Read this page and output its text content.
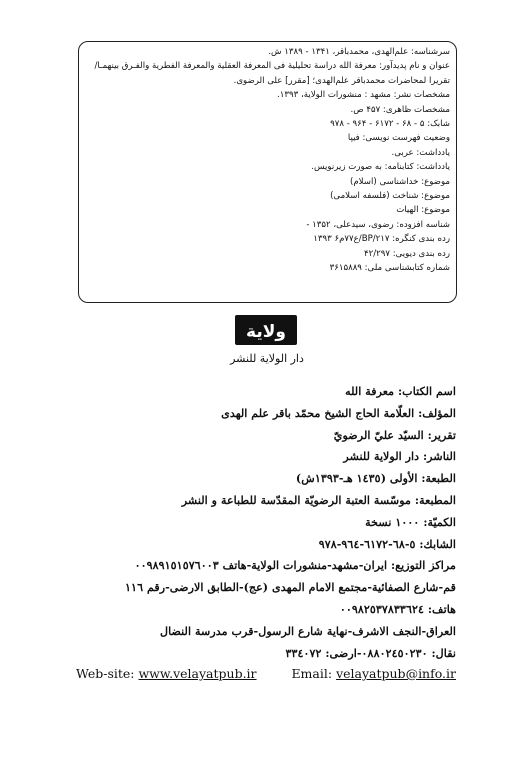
سرشناسه: علم‌الهدی، محمدباقر، ۱۳۴۱ - ۱۳۸۹ ش.
عنوان و نام پدیدآور: معرفة الله دراسة تحلیلیة فی المعرفة العقلیة والمعرفة الفطریة والفـرق بینهمـا/
تقریرا لمحاضرات محمدباقر علم‌الهدی؛ [مقرر] علی الرضوی.
مشخصات نشر: مشهد : منشورات الولایة، ۱۳۹۳.
مشخصات ظاهری: ۴۵۷ ص.
شابک: ۵ - ۶۸ - ۶۱۷۲ - ۹۶۴ - ۹۷۸
وضعیت فهرست نویسی: فیپا
یادداشت: عربی.
یادداشت: کتابنامه: به صورت زیرنویس.
موضوع: خداشناسی (اسلام)
موضوع: شناخت (فلسفه اسلامی)
موضوع: الهیات
شناسه افزوده: رضوی، سیدعلی، ۱۳۵۲ -
رده بندی کنگره: ۲۱۷/BP/ع۷۷م۶ ۱۳۹۳
رده بندی دیویی: ۴۲/۲۹۷
شماره کتابشناسی ملی: ۳۶۱۵۸۸۹
ولاية
دار الولاية للنشر
اسم الكتاب: معرفة الله
المؤلف: العلّامة الحاج الشيخ محمّد باقر علم الهدى
تقرير: السيّد عليّ الرضويّ
الناشر: دار الولاية للنشر
الطبعة: الأولى (١٤٣٥ هـ-١٣٩٣ش)
المطبعة: موسّسة العتبة الرضويّة المقدّسة للطباعة و النشر
الكميّة: ١٠٠٠ نسخة
الشابك: ٥-٦٨-٦١٧٢-٩٦٤-٩٧٨
مراكز التوزيع: ايران-مشهد-منشورات الولاية-هاتف ٠٠٩٨٩١٥١٥٧٦٠٠٣
قم-شارع الصفائية-مجتمع الامام المهدى (عج)-الطابق الارضى-رقم ١١٦
هاتف: ٠٠٩٨٢٥٣٧٨٣٣٦٢٤
العراق-النجف الاشرف-نهاية شارع الرسول-قرب مدرسة النضال
نقال: ٠٨٨٠٢٤٥٠٢٣٠-ارضى: ٣٣٤٠٧٢
Web-site: www.velayatpub.ir	Email: velayatpub@info.ir
